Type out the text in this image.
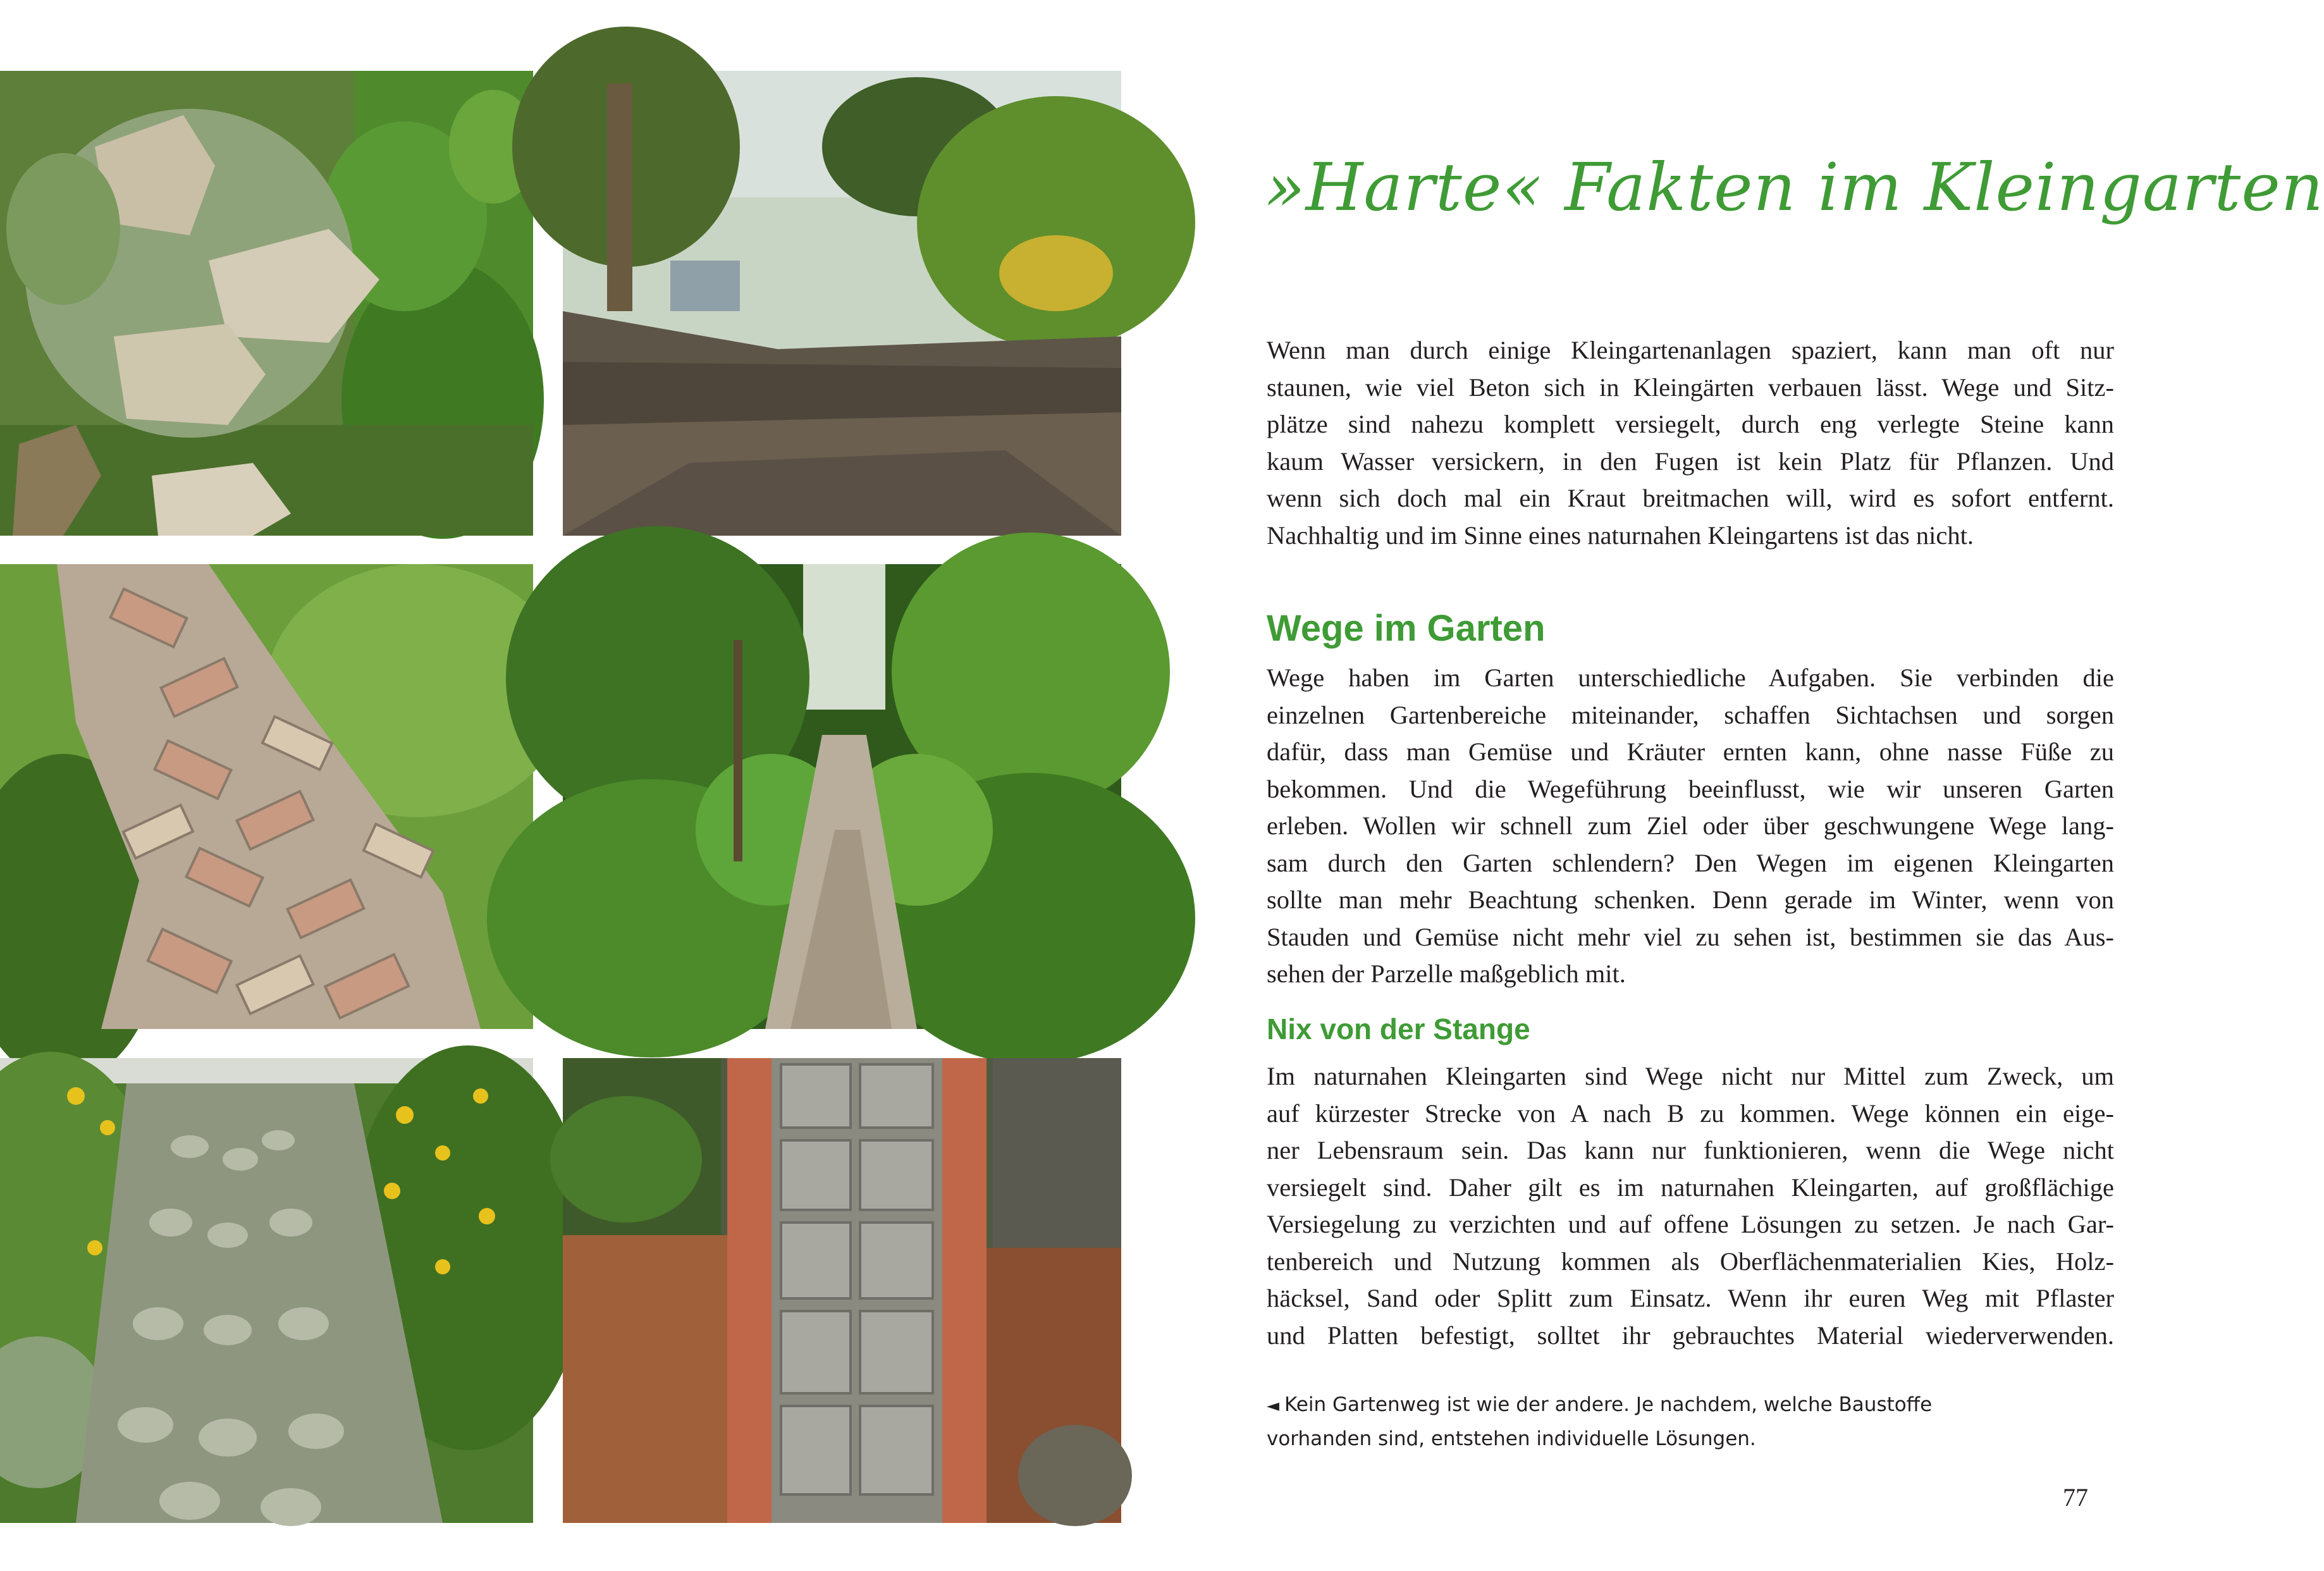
»Harte« Fakten im Kleingarten
Wenn man durch einige Kleingartenanlagen spaziert, kann man oft nur
staunen, wie viel Beton sich in Kleingärten verbauen lässt. Wege und Sitz-
plätze sind nahezu komplett versiegelt, durch eng verlegte Steine kann
kaum Wasser versickern, in den Fugen ist kein Platz für Pflanzen. Und
wenn sich doch mal ein Kraut breitmachen will, wird es sofort entfernt.
Nachhaltig und im Sinne eines naturnahen Kleingartens ist das nicht.
Wege im Garten
Wege haben im Garten unterschiedliche Aufgaben. Sie verbinden die
einzelnen Gartenbereiche miteinander, schaffen Sichtachsen und sorgen
dafür, dass man Gemüse und Kräuter ernten kann, ohne nasse Füße zu
bekommen. Und die Wegeführung beeinflusst, wie wir unseren Garten
erleben. Wollen wir schnell zum Ziel oder über geschwungene Wege lang-
sam durch den Garten schlendern? Den Wegen im eigenen Kleingarten
sollte man mehr Beachtung schenken. Denn gerade im Winter, wenn von
Stauden und Gemüse nicht mehr viel zu sehen ist, bestimmen sie das Aus-
sehen der Parzelle maßgeblich mit.
Nix von der Stange
Im naturnahen Kleingarten sind Wege nicht nur Mittel zum Zweck, um
auf kürzester Strecke von A nach B zu kommen. Wege können ein eige-
ner Lebensraum sein. Das kann nur funktionieren, wenn die Wege nicht
versiegelt sind. Daher gilt es im naturnahen Kleingarten, auf großflächige
Versiegelung zu verzichten und auf offene Lösungen zu setzen. Je nach Gar-
tenbereich und Nutzung kommen als Oberflächenmaterialien Kies, Holz-
häcksel, Sand oder Splitt zum Einsatz. Wenn ihr euren Weg mit Pflaster
und Platten befestigt, solltet ihr gebrauchtes Material wiederverwenden.
◄ Kein Gartenweg ist wie der andere. Je nachdem, welche Baustoffe
vorhanden sind, entstehen individuelle Lösungen.
77
